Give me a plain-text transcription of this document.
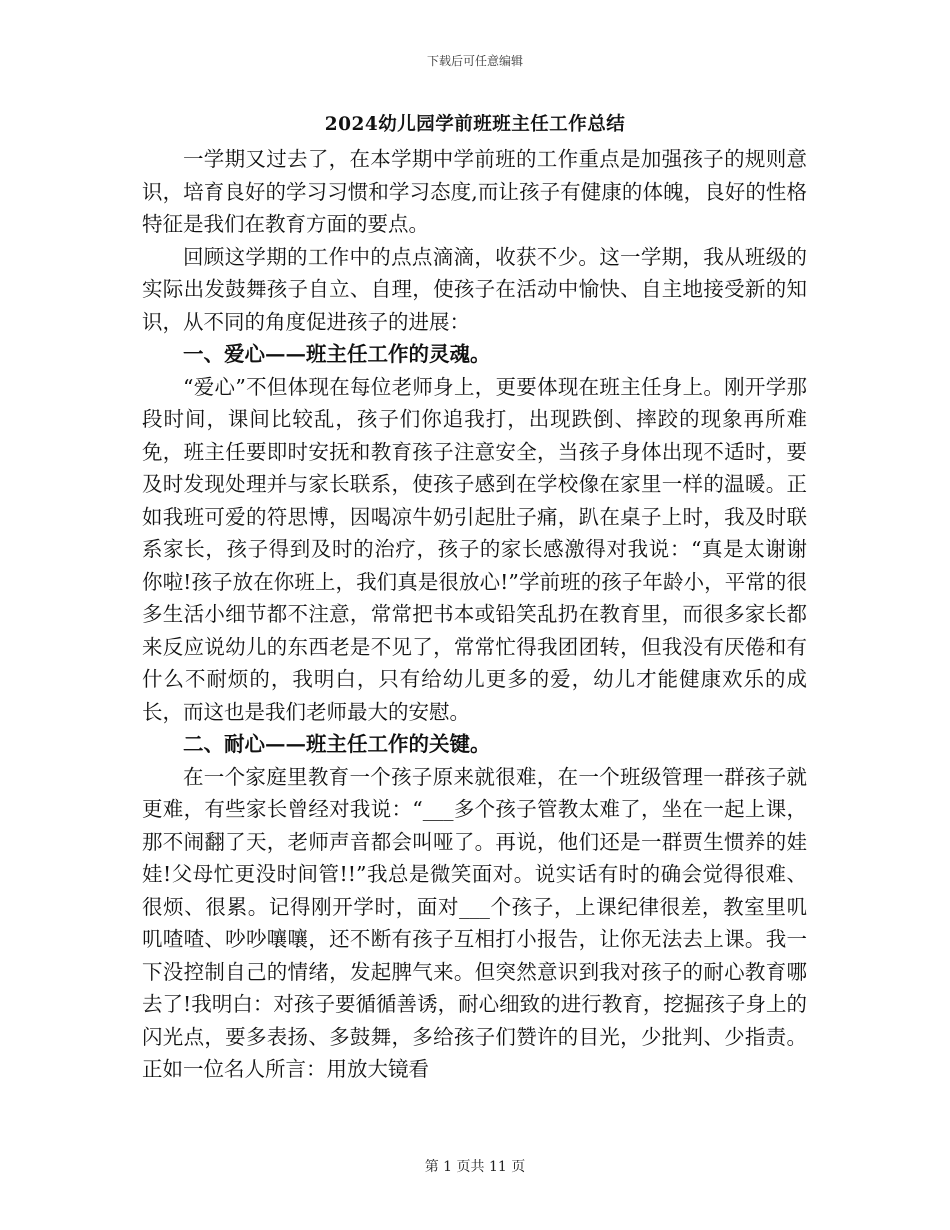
下载后可任意编辑
2024幼儿园学前班班主任工作总结

一学期又过去了，在本学期中学前班的工作重点是加强孩子的规则意识，培育良好的学习习惯和学习态度,而让孩子有健康的体魄，良好的性格特征是我们在教育方面的要点。

回顾这学期的工作中的点点滴滴，收获不少。这一学期，我从班级的实际出发鼓舞孩子自立、自理，使孩子在活动中愉快、自主地接受新的知识，从不同的角度促进孩子的进展：

一、爱心——班主任工作的灵魂。

“爱心”不但体现在每位老师身上，更要体现在班主任身上。刚开学那段时间，课间比较乱，孩子们你追我打，出现跌倒、摔跤的现象再所难免，班主任要即时安抚和教育孩子注意安全，当孩子身体出现不适时，要及时发现处理并与家长联系，使孩子感到在学校像在家里一样的温暖。正如我班可爱的符思博，因喝凉牛奶引起肚子痛，趴在桌子上时，我及时联系家长，孩子得到及时的治疗，孩子的家长感激得对我说：“真是太谢谢你啦!孩子放在你班上，我们真是很放心!”学前班的孩子年龄小，平常的很多生活小细节都不注意，常常把书本或铅笑乱扔在教育里，而很多家长都来反应说幼儿的东西老是不见了，常常忙得我团团转，但我没有厌倦和有什么不耐烦的，我明白，只有给幼儿更多的爱，幼儿才能健康欢乐的成长，而这也是我们老师最大的安慰。

二、耐心——班主任工作的关键。

在一个家庭里教育一个孩子原来就很难，在一个班级管理一群孩子就更难，有些家长曾经对我说：“___多个孩子管教太难了，坐在一起上课，那不闹翻了天，老师声音都会叫哑了。再说，他们还是一群贾生惯养的娃娃!父母忙更没时间管!!”我总是微笑面对。说实话有时的确会觉得很难、很烦、很累。记得刚开学时，面对___个孩子，上课纪律很差，教室里叽叽喳喳、吵吵嚷嚷，还不断有孩子互相打小报告，让你无法去上课。我一下没控制自己的情绪，发起脾气来。但突然意识到我对孩子的耐心教育哪去了!我明白：对孩子要循循善诱，耐心细致的进行教育，挖掘孩子身上的闪光点，要多表扬、多鼓舞，多给孩子们赞许的目光，少批判、少指责。正如一位名人所言：用放大镜看

第 1 页共 11 页
